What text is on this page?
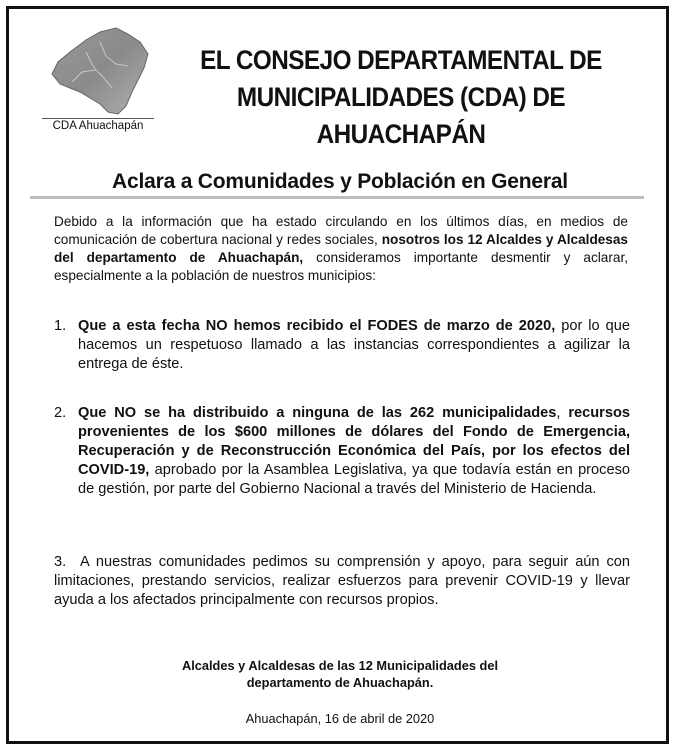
CDA Ahuachapán
EL CONSEJO DEPARTAMENTAL DE
MUNICIPALIDADES (CDA) DE AHUACHAPÁN
Aclara a Comunidades y Población en General
Debido a la información que ha estado circulando en los últimos días, en medios de comunicación de cobertura nacional y redes sociales, nosotros los 12 Alcaldes y Alcaldesas del departamento de Ahuachapán, consideramos importante desmentir y aclarar, especialmente a la población de nuestros municipios:
1. Que a esta fecha NO hemos recibido el FODES de marzo de 2020, por lo que hacemos un respetuoso llamado a las instancias correspondientes a agilizar la entrega de éste.
2. Que NO se ha distribuido a ninguna de las 262 municipalidades, recursos provenientes de los $600 millones de dólares del Fondo de Emergencia, Recuperación y de Reconstrucción Económica del País, por los efectos del COVID-19, aprobado por la Asamblea Legislativa, ya que todavía están en proceso de gestión, por parte del Gobierno Nacional a través del Ministerio de Hacienda.
3. A nuestras comunidades pedimos su comprensión y apoyo, para seguir aún con limitaciones, prestando servicios, realizar esfuerzos para prevenir COVID-19 y llevar ayuda a los afectados principalmente con recursos propios.
Alcaldes y Alcaldesas de las 12 Municipalidades del
departamento de Ahuachapán.
Ahuachapán, 16 de abril de 2020
